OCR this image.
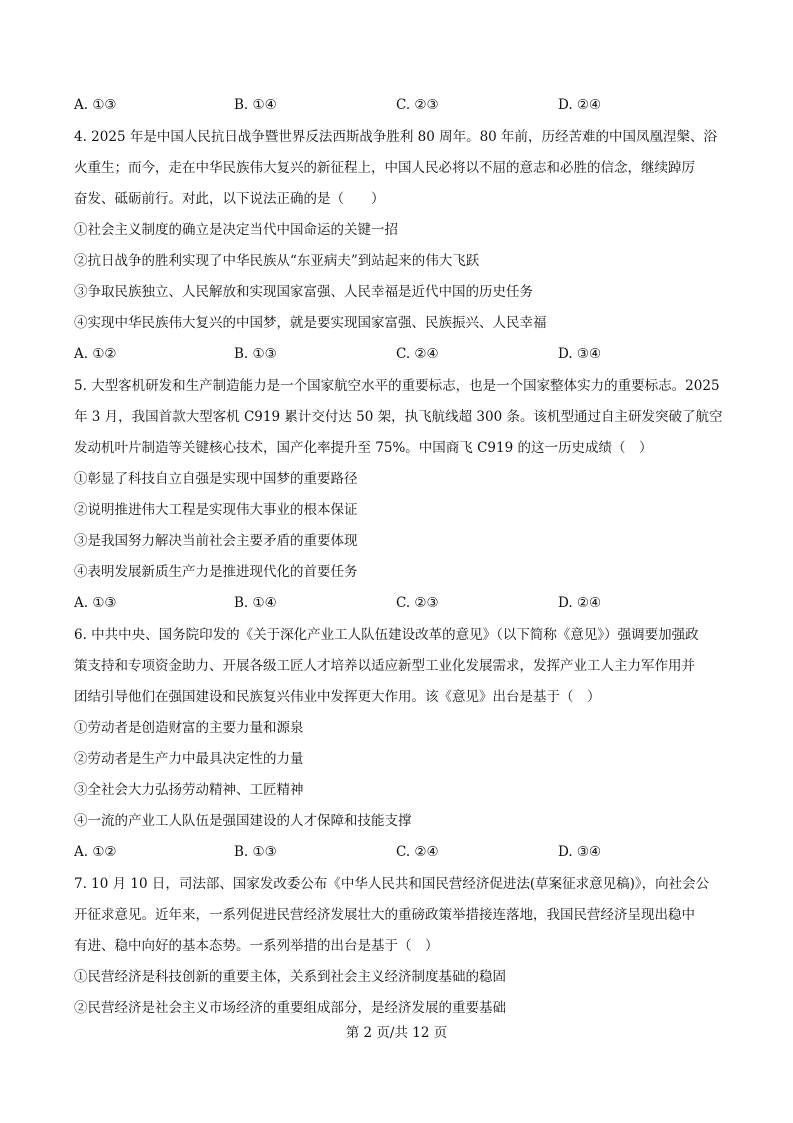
A. ①③	B. ①④	C. ②③	D. ②④
4. 2025 年是中国人民抗日战争暨世界反法西斯战争胜利 80 周年。80 年前，历经苦难的中国凤凰涅槃、浴
火重生；而今，走在中华民族伟大复兴的新征程上，中国人民必将以不屈的意志和必胜的信念，继续踔厉
奋发、砥砺前行。对此，以下说法正确的是（　　）
①社会主义制度的确立是决定当代中国命运的关键一招
②抗日战争的胜利实现了中华民族从“东亚病夫”到站起来的伟大飞跃
③争取民族独立、人民解放和实现国家富强、人民幸福是近代中国的历史任务
④实现中华民族伟大复兴的中国梦，就是要实现国家富强、民族振兴、人民幸福
A. ①②	B. ①③	C. ②④	D. ③④
5. 大型客机研发和生产制造能力是一个国家航空水平的重要标志，也是一个国家整体实力的重要标志。2025
年 3 月，我国首款大型客机 C919 累计交付达 50 架，执飞航线超 300 条。该机型通过自主研发突破了航空
发动机叶片制造等关键核心技术，国产化率提升至 75%。中国商飞 C919 的这一历史成绩（　）
①彰显了科技自立自强是实现中国梦的重要路径
②说明推进伟大工程是实现伟大事业的根本保证
③是我国努力解决当前社会主要矛盾的重要体现
④表明发展新质生产力是推进现代化的首要任务
A. ①③	B. ①④	C. ②③	D. ②④
6. 中共中央、国务院印发的《关于深化产业工人队伍建设改革的意见》（以下简称《意见》）强调要加强政
策支持和专项资金助力、开展各级工匠人才培养以适应新型工业化发展需求，发挥产业工人主力军作用并
团结引导他们在强国建设和民族复兴伟业中发挥更大作用。该《意见》出台是基于（　）
①劳动者是创造财富的主要力量和源泉
②劳动者是生产力中最具决定性的力量
③全社会大力弘扬劳动精神、工匠精神
④一流的产业工人队伍是强国建设的人才保障和技能支撑
A. ①②	B. ①③	C. ②④	D. ③④
7. 10 月 10 日，司法部、国家发改委公布《中华人民共和国民营经济促进法(草案征求意见稿)》，向社会公
开征求意见。近年来，一系列促进民营经济发展壮大的重磅政策举措接连落地，我国民营经济呈现出稳中
有进、稳中向好的基本态势。一系列举措的出台是基于（　）
①民营经济是科技创新的重要主体，关系到社会主义经济制度基础的稳固
②民营经济是社会主义市场经济的重要组成部分，是经济发展的重要基础
第 2 页/共 12 页
